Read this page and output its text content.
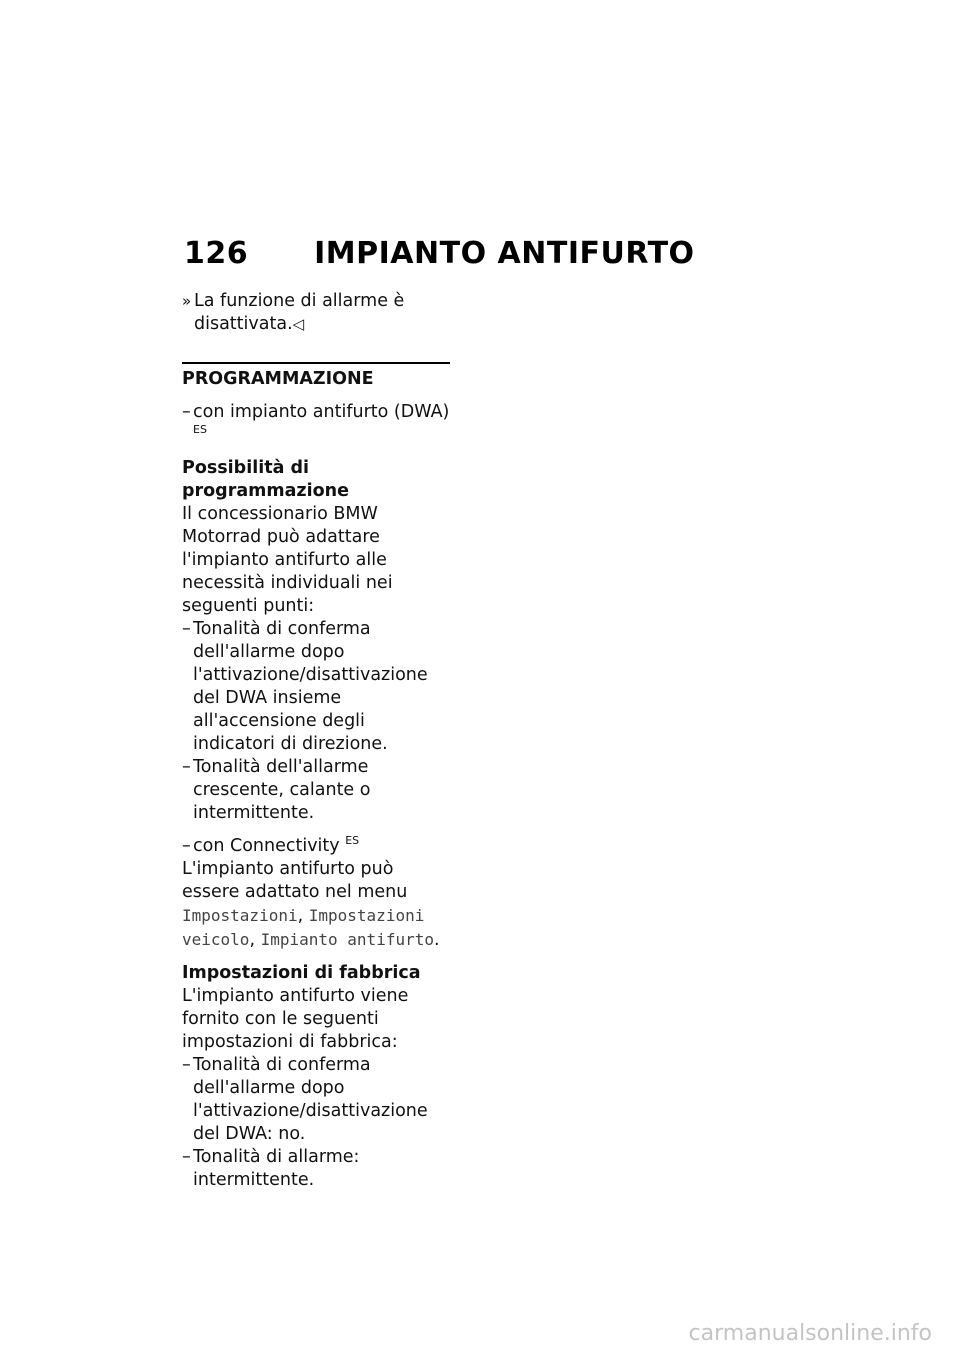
126 IMPIANTO ANTIFURTO
» La funzione di allarme è disattivata.◁
PROGRAMMAZIONE
– con impianto antifurto (DWA) $^{ES}$
Possibilità di programmazione

Il concessionario BMW Motorrad può adattare l'impianto antifurto alle necessità individuali nei seguenti punti:

– Tonalità di conferma dell'allarme dopo l'attivazione/disattivazione del DWA insieme all'accensione degli indicatori di direzione.
– Tonalità dell'allarme crescente, calante o intermittente.
– con Connectivity $^{ES}$

L'impianto antifurto può essere adattato nel menu Impostazioni, Impostazioni veicolo, Impianto antifurto.

Impostazioni di fabbrica

L'impianto antifurto viene fornito con le seguenti impostazioni di fabbrica:

– Tonalità di conferma dell'allarme dopo l'attivazione/disattivazione del DWA: no.
– Tonalità di allarme: intermittente.
carmanualsonline.info
